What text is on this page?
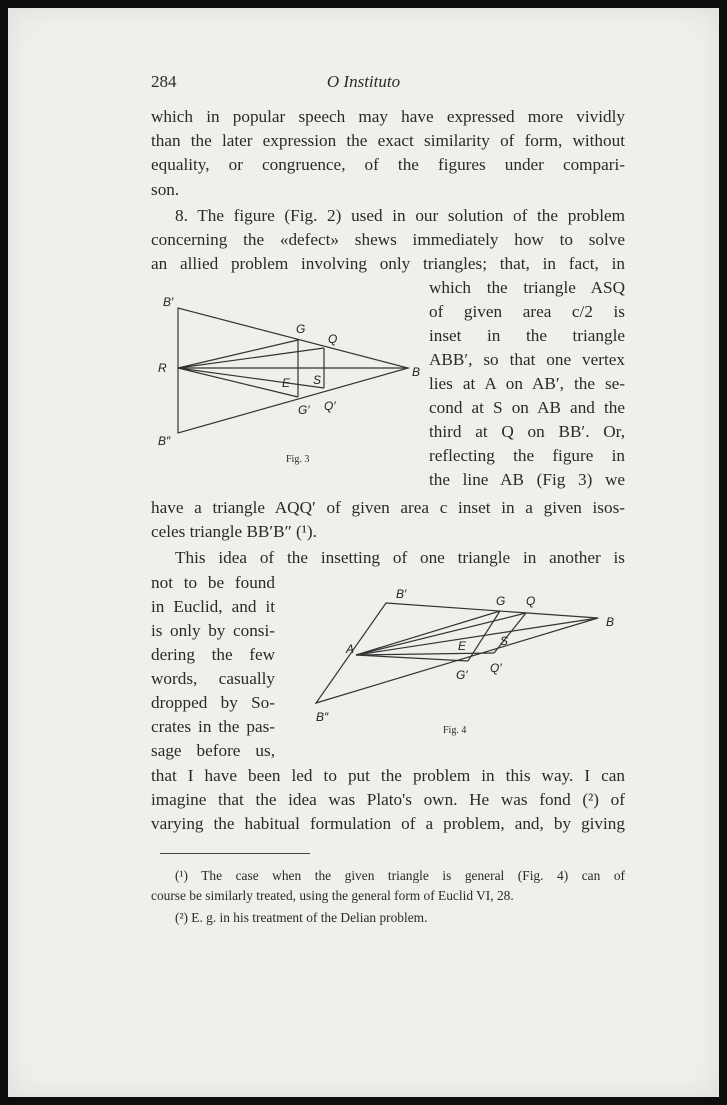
284	O Instituto

which in popular speech may have expressed more vividly

than the later expression the exact similarity of form, without

equality, or congruence, of the figures under compari-

son.

8. The figure (Fig. 2) used in our solution of the problem

concerning the «defect» shews immediately how to solve

an allied problem involving only triangles; that, in fact, in

which the triangle ASQ

of given area c/2 is

inset in the triangle

ABB′, so that one vertex

lies at A on AB′, the se-

cond at S on AB and the

third at Q on BB′. Or,

reflecting the figure in

the line AB (Fig 3) we

B′
B″
R	B
G
Q
E S
G′ Q′
Fig. 3

have a triangle AQQ′ of given area c inset in a given isos-

celes triangle BB′B″ (¹).

This idea of the insetting of one triangle in another is

not to be found

in Euclid, and it

is only by consi-

dering the few

words, casually

dropped by So-

crates in the pas-

sage before us,

B′
B″
A
B
G Q
E	S
G′ Q′
Fig. 4

that I have been led to put the problem in this way. I can

imagine that the idea was Plato's own. He was fond (²) of

varying the habitual formulation of a problem, and, by giving

(¹) The case when the given triangle is general (Fig. 4) can of

course be similarly treated, using the general form of Euclid VI, 28.

(²) E. g. in his treatment of the Delian problem.
